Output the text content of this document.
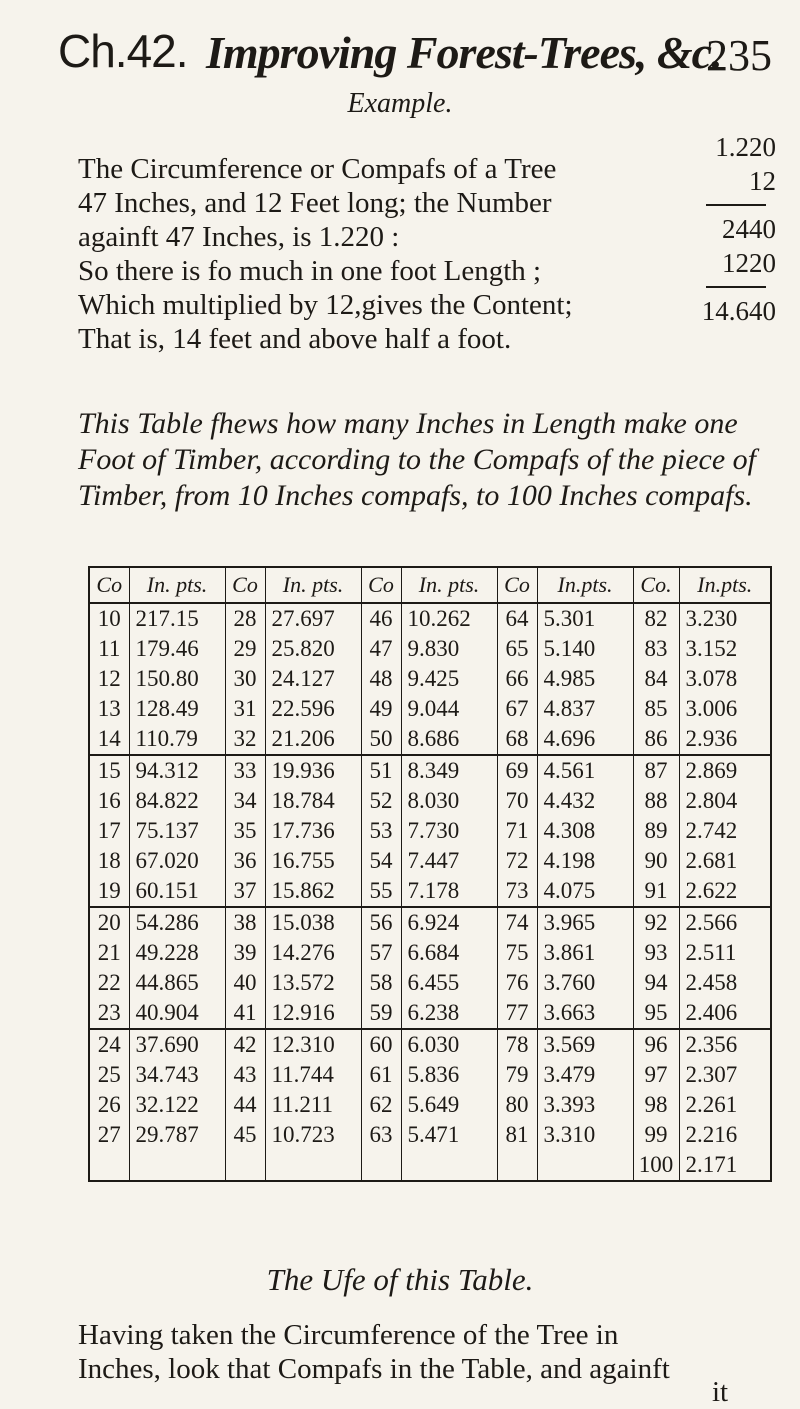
Ch.42. Improving Forest-Trees, &c.
235
Example.
The Circumference or Compafs of a Tree
47 Inches, and 12 Feet long; the Number
againft 47 Inches, is 1.220 :
So there is fo much in one foot Length ;
Which multiplied by 12,gives the Content;
That is, 14 feet and above half a foot.
1.220
12
2440
1220
14.640
This Table fhews how many Inches in Length make one Foot of Timber, according to the Compafs of the piece of Timber, from 10 Inches compafs, to 100 Inches compafs.
Co	In. pts.	Co	In. pts.	Co	In. pts.	Co	In.pts.	Co.	In.pts.
10	217.15	28	27.697	46	10.262	64	5.301	82	3.230
11	179.46	29	25.820	47	9.830	65	5.140	83	3.152
12	150.80	30	24.127	48	9.425	66	4.985	84	3.078
13	128.49	31	22.596	49	9.044	67	4.837	85	3.006
14	110.79	32	21.206	50	8.686	68	4.696	86	2.936
15	94.312	33	19.936	51	8.349	69	4.561	87	2.869
16	84.822	34	18.784	52	8.030	70	4.432	88	2.804
17	75.137	35	17.736	53	7.730	71	4.308	89	2.742
18	67.020	36	16.755	54	7.447	72	4.198	90	2.681
19	60.151	37	15.862	55	7.178	73	4.075	91	2.622
20	54.286	38	15.038	56	6.924	74	3.965	92	2.566
21	49.228	39	14.276	57	6.684	75	3.861	93	2.511
22	44.865	40	13.572	58	6.455	76	3.760	94	2.458
23	40.904	41	12.916	59	6.238	77	3.663	95	2.406
24	37.690	42	12.310	60	6.030	78	3.569	96	2.356
25	34.743	43	11.744	61	5.836	79	3.479	97	2.307
26	32.122	44	11.211	62	5.649	80	3.393	98	2.261
27	29.787	45	10.723	63	5.471	81	3.310	99	2.216
								100	2.171
The Ufe of this Table.
Having taken the Circumference of the Tree in
Inches, look that Compafs in the Table, and againft
it
